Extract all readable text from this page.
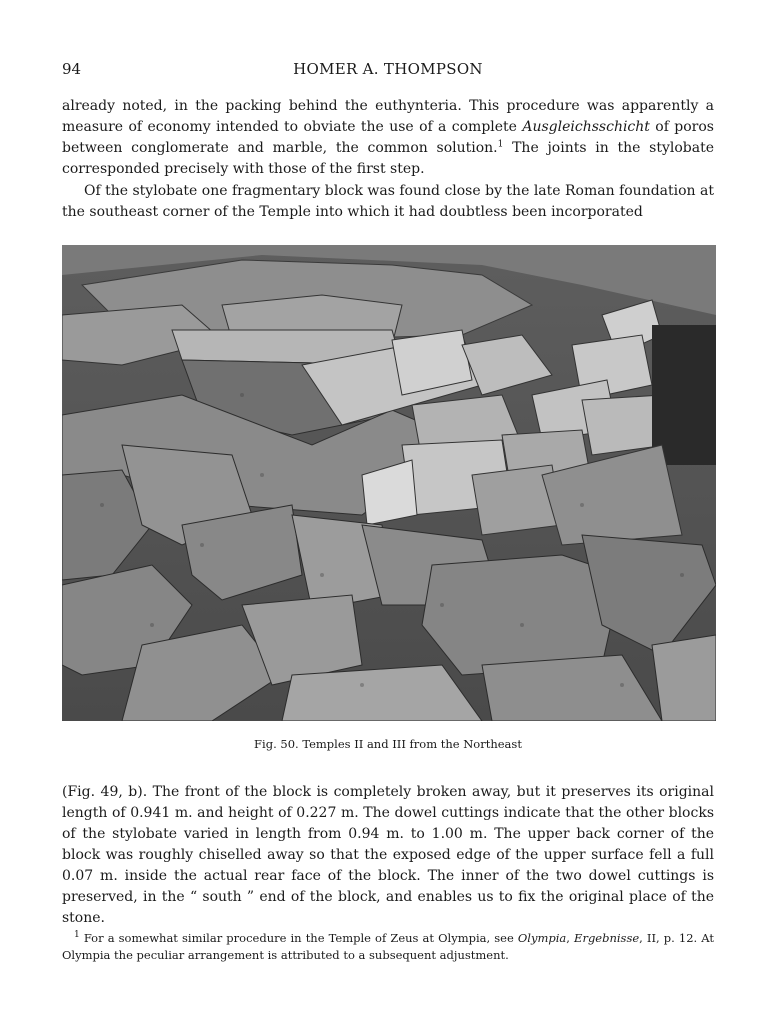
94	HOMER A. THOMPSON

already noted, in the packing behind the euthynteria. This procedure was apparently a measure of economy intended to obviate the use of a complete Ausgleichsschicht of poros between conglomerate and marble, the common solution.$^1$ The joints in the stylobate corresponded precisely with those of the first step.

Of the stylobate one fragmentary block was found close by the late Roman foundation at the southeast corner of the Temple into which it had doubtless been incorporated

Fig. 50. Temples II and III from the Northeast

(Fig. 49, b). The front of the block is completely broken away, but it preserves its original length of 0.941 m. and height of 0.227 m. The dowel cuttings indicate that the other blocks of the stylobate varied in length from 0.94 m. to 1.00 m. The upper back corner of the block was roughly chiselled away so that the exposed edge of the upper surface fell a full 0.07 m. inside the actual rear face of the block. The inner of the two dowel cuttings is preserved, in the “ south ” end of the block, and enables us to fix the original place of the stone.

$^1$ For a somewhat similar procedure in the Temple of Zeus at Olympia, see Olympia, Ergebnisse, II, p. 12. At Olympia the peculiar arrangement is attributed to a subsequent adjustment.
